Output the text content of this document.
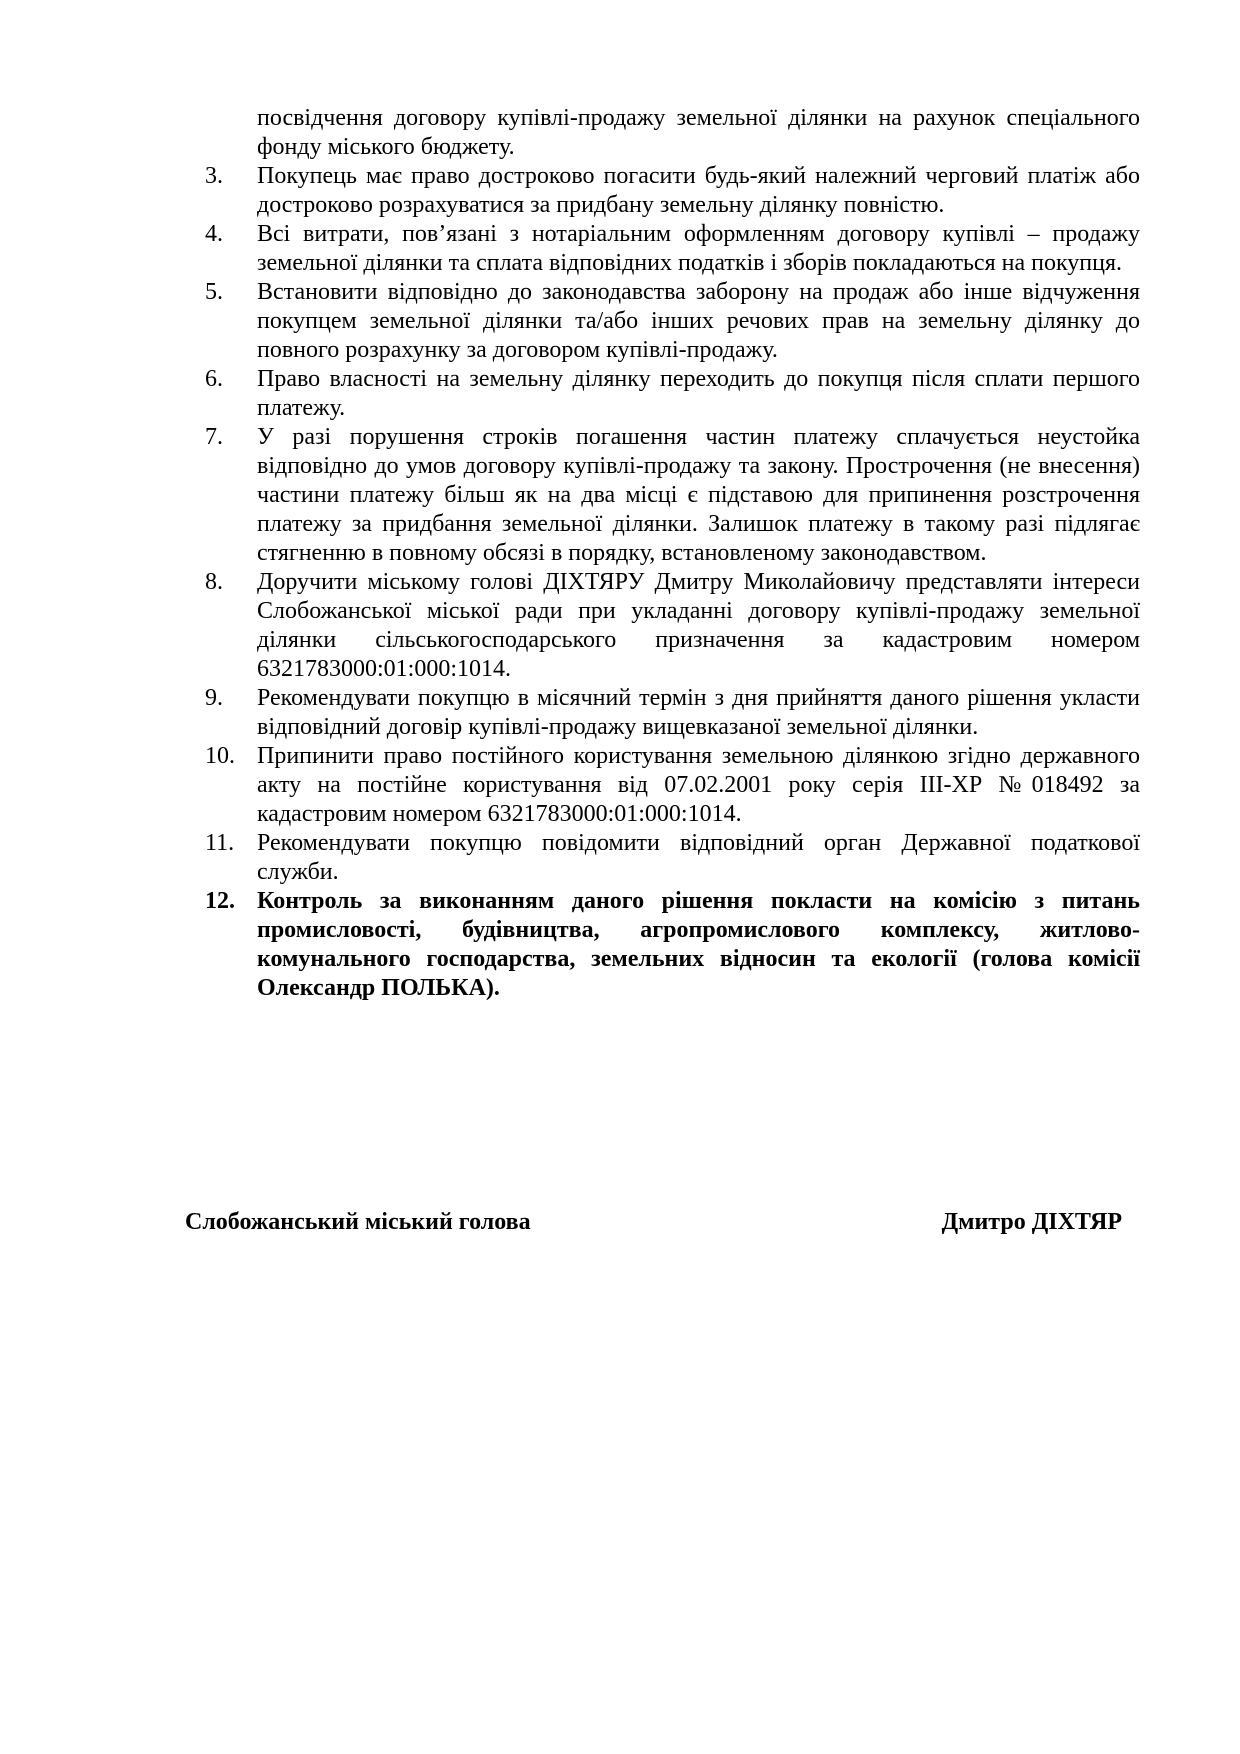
посвідчення договору купівлі-продажу земельної ділянки на рахунок спеціального фонду міського бюджету.

3.	Покупець має право достроково погасити будь-який належний черговий платіж або достроково розрахуватися за придбану земельну ділянку повністю.
4.	Всі витрати, пов’язані з нотаріальним оформленням договору купівлі – продажу земельної ділянки та сплата відповідних податків і зборів покладаються на покупця.
5.	Встановити відповідно до законодавства заборону на продаж або інше відчуження покупцем земельної ділянки та/або інших речових прав на земельну ділянку до повного розрахунку за договором купівлі-продажу.
6.	Право власності на земельну ділянку переходить до покупця після сплати першого платежу.
7.	У разі порушення строків погашення частин платежу сплачується неустойка відповідно до умов договору купівлі-продажу та закону. Прострочення (не внесення) частини платежу більш як на два місці є підставою для припинення розстрочення платежу за придбання земельної ділянки. Залишок платежу в такому разі підлягає стягненню в повному обсязі в порядку, встановленому законодавством.
8.	Доручити міському голові ДІХТЯРУ Дмитру Миколайовичу представляти інтереси Слобожанської міської ради при укладанні договору купівлі-продажу земельної ділянки сільськогосподарського призначення за кадастровим номером 6321783000:01:000:1014.
9.	Рекомендувати покупцю в місячний термін з дня прийняття даного рішення укласти відповідний договір купівлі-продажу вищевказаної земельної ділянки.
10. Припинити право постійного користування земельною ділянкою згідно державного акту на постійне користування від 07.02.2001 року серія ІІІ-ХР №018492 за кадастровим номером 6321783000:01:000:1014.
11. Рекомендувати покупцю повідомити відповідний орган Державної податкової служби.
12. Контроль за виконанням даного рішення покласти на комісію з питань промисловості, будівництва, агропромислового комплексу, житлово-комунального господарства, земельних відносин та екології (голова комісії Олександр ПОЛЬКА).
Слобожанський міський голова	Дмитро ДІХТЯР
